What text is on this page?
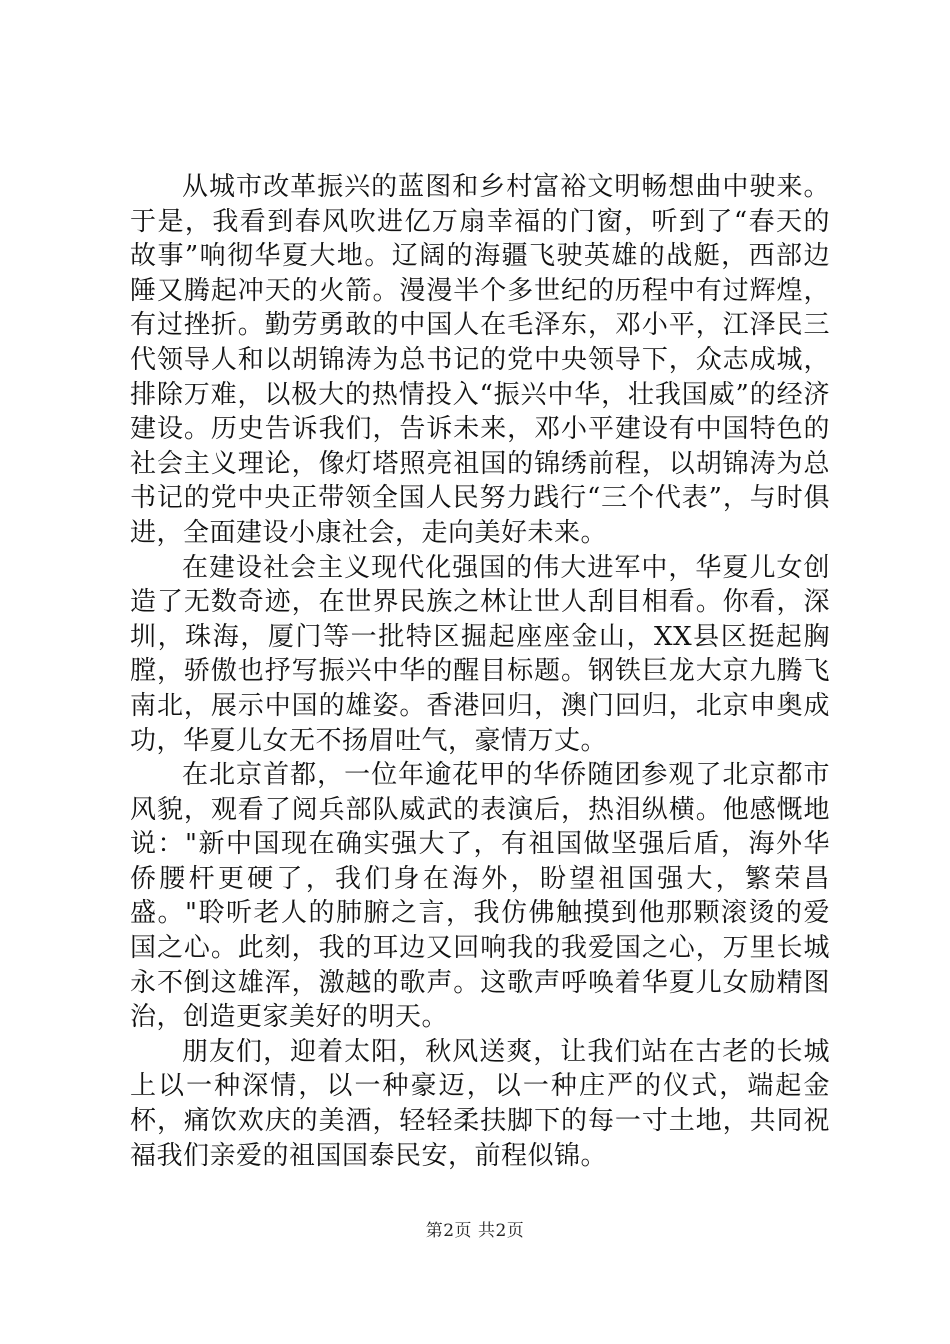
从城市改革振兴的蓝图和乡村富裕文明畅想曲中驶来。于是，我看到春风吹进亿万扇幸福的门窗，听到了“春天的故事”响彻华夏大地。辽阔的海疆飞驶英雄的战艇，西部边陲又腾起冲天的火箭。漫漫半个多世纪的历程中有过辉煌，有过挫折。勤劳勇敢的中国人在毛泽东，邓小平，江泽民三代领导人和以胡锦涛为总书记的党中央领导下，众志成城，排除万难，以极大的热情投入“振兴中华，壮我国威”的经济建设。历史告诉我们，告诉未来，邓小平建设有中国特色的社会主义理论，像灯塔照亮祖国的锦绣前程，以胡锦涛为总书记的党中央正带领全国人民努力践行“三个代表”，与时俱进，全面建设小康社会，走向美好未来。

在建设社会主义现代化强国的伟大进军中，华夏儿女创造了无数奇迹，在世界民族之林让世人刮目相看。你看，深圳，珠海，厦门等一批特区掘起座座金山，XX县区挺起胸膛，骄傲也抒写振兴中华的醒目标题。钢铁巨龙大京九腾飞南北，展示中国的雄姿。香港回归，澳门回归，北京申奥成功，华夏儿女无不扬眉吐气，豪情万丈。

在北京首都，一位年逾花甲的华侨随团参观了北京都市风貌，观看了阅兵部队威武的表演后，热泪纵横。他感慨地说："新中国现在确实强大了，有祖国做坚强后盾，海外华侨腰杆更硬了，我们身在海外，盼望祖国强大，繁荣昌盛。"聆听老人的肺腑之言，我仿佛触摸到他那颗滚烫的爱国之心。此刻，我的耳边又回响我的我爱国之心，万里长城永不倒这雄浑，激越的歌声。这歌声呼唤着华夏儿女励精图治，创造更家美好的明天。

朋友们，迎着太阳，秋风送爽，让我们站在古老的长城上以一种深情，以一种豪迈，以一种庄严的仪式，端起金杯，痛饮欢庆的美酒，轻轻柔扶脚下的每一寸土地，共同祝福我们亲爱的祖国国泰民安，前程似锦。

第2页 共2页
